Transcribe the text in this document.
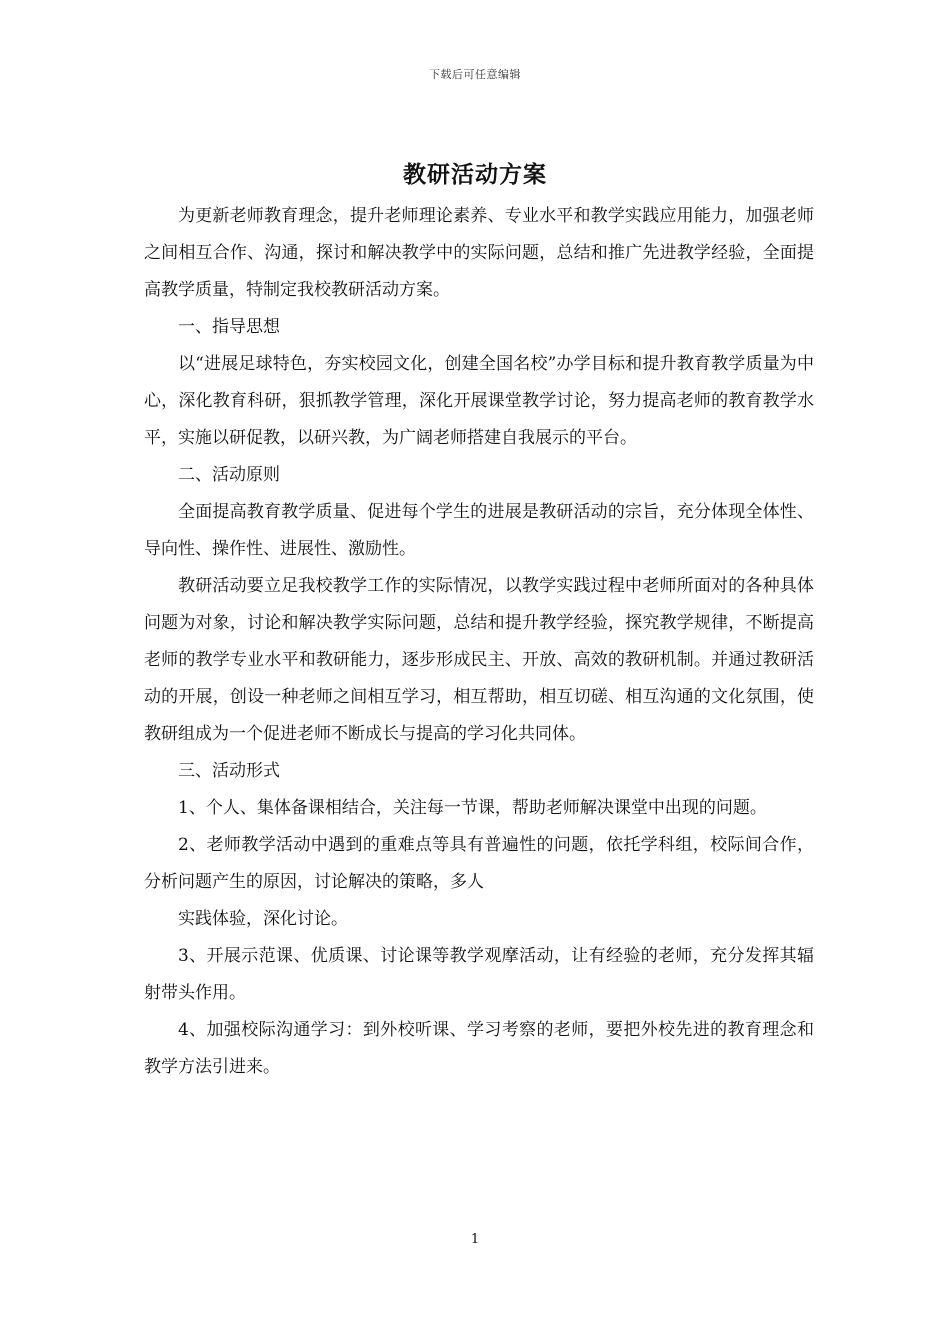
下载后可任意编辑
教研活动方案

为更新老师教育理念，提升老师理论素养、专业水平和教学实践应用能力，加强老师之间相互合作、沟通，探讨和解决教学中的实际问题，总结和推广先进教学经验，全面提高教学质量，特制定我校教研活动方案。

一、指导思想

以“进展足球特色，夯实校园文化，创建全国名校”办学目标和提升教育教学质量为中心，深化教育科研，狠抓教学管理，深化开展课堂教学讨论，努力提高老师的教育教学水平，实施以研促教，以研兴教，为广阔老师搭建自我展示的平台。

二、活动原则

全面提高教育教学质量、促进每个学生的进展是教研活动的宗旨，充分体现全体性、导向性、操作性、进展性、激励性。

教研活动要立足我校教学工作的实际情况，以教学实践过程中老师所面对的各种具体问题为对象，讨论和解决教学实际问题，总结和提升教学经验，探究教学规律，不断提高老师的教学专业水平和教研能力，逐步形成民主、开放、高效的教研机制。并通过教研活动的开展，创设一种老师之间相互学习，相互帮助，相互切磋、相互沟通的文化氛围，使教研组成为一个促进老师不断成长与提高的学习化共同体。

三、活动形式

1、个人、集体备课相结合，关注每一节课，帮助老师解决课堂中出现的问题。

2、老师教学活动中遇到的重难点等具有普遍性的问题，依托学科组，校际间合作，分析问题产生的原因，讨论解决的策略，多人

实践体验，深化讨论。

3、开展示范课、优质课、讨论课等教学观摩活动，让有经验的老师，充分发挥其辐射带头作用。

4、加强校际沟通学习：到外校听课、学习考察的老师，要把外校先进的教育理念和教学方法引进来。

1
